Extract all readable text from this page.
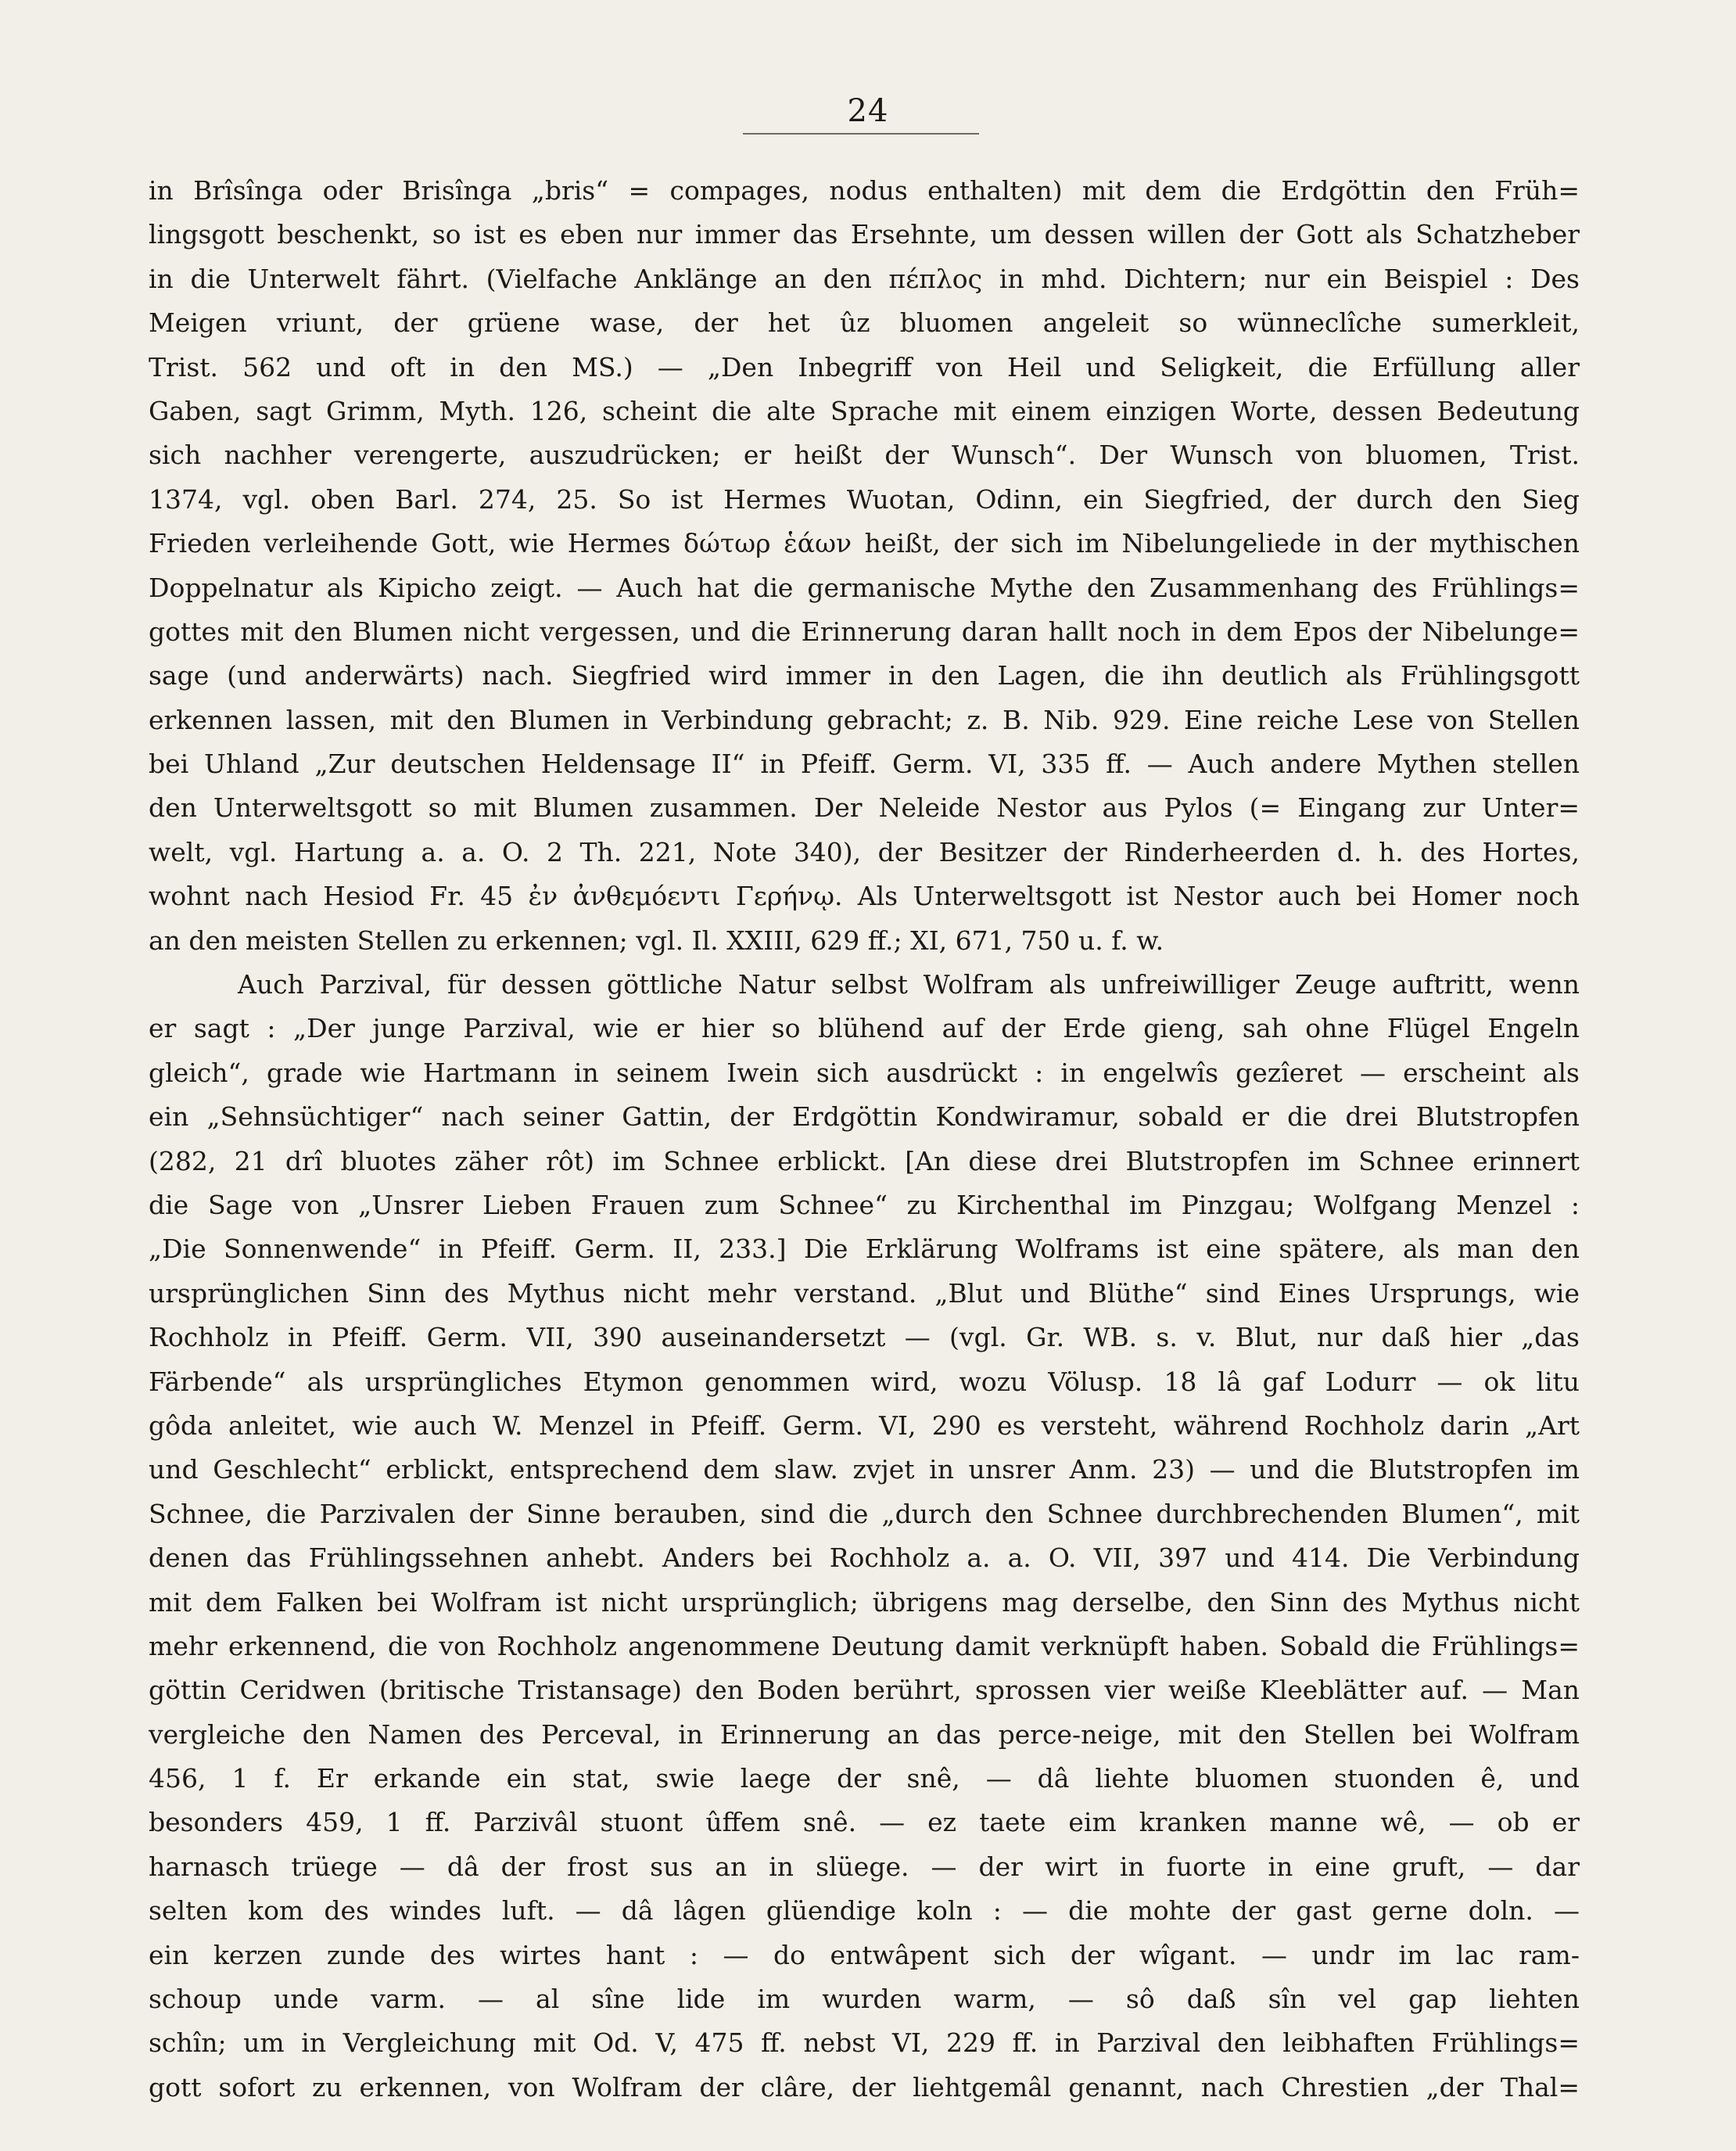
24
in Brîsînga oder Brisînga „bris“ = compages, nodus enthalten) mit dem die Erdgöttin den Früh=
lingsgott beschenkt, so ist es eben nur immer das Ersehnte, um dessen willen der Gott als Schatzheber
in die Unterwelt fährt. (Vielfache Anklänge an den πέπλος in mhd. Dichtern; nur ein Beispiel : Des
Meigen vriunt, der grüene wase, der het ûz bluomen angeleit so wünneclîche sumerkleit,
Trist. 562 und oft in den MS.) — „Den Inbegriff von Heil und Seligkeit, die Erfüllung aller
Gaben, sagt Grimm, Myth. 126, scheint die alte Sprache mit einem einzigen Worte, dessen Bedeutung
sich nachher verengerte, auszudrücken; er heißt der Wunsch“. Der Wunsch von bluomen, Trist.
1374, vgl. oben Barl. 274, 25. So ist Hermes Wuotan, Odinn, ein Siegfried, der durch den Sieg
Frieden verleihende Gott, wie Hermes δώτωρ ἑάων heißt, der sich im Nibelungeliede in der mythischen
Doppelnatur als Kipicho zeigt. — Auch hat die germanische Mythe den Zusammenhang des Frühlings=
gottes mit den Blumen nicht vergessen, und die Erinnerung daran hallt noch in dem Epos der Nibelunge=
sage (und anderwärts) nach. Siegfried wird immer in den Lagen, die ihn deutlich als Frühlingsgott
erkennen lassen, mit den Blumen in Verbindung gebracht; z. B. Nib. 929. Eine reiche Lese von Stellen
bei Uhland „Zur deutschen Heldensage II“ in Pfeiff. Germ. VI, 335 ff. — Auch andere Mythen stellen
den Unterweltsgott so mit Blumen zusammen. Der Neleide Nestor aus Pylos (= Eingang zur Unter=
welt, vgl. Hartung a. a. O. 2 Th. 221, Note 340), der Besitzer der Rinderheerden d. h. des Hortes,
wohnt nach Hesiod Fr. 45 ἐν ἀνθεμόεντι Γερήνῳ. Als Unterweltsgott ist Nestor auch bei Homer noch
an den meisten Stellen zu erkennen; vgl. Il. XXIII, 629 ff.; XI, 671, 750 u. f. w.
Auch Parzival, für dessen göttliche Natur selbst Wolfram als unfreiwilliger Zeuge auftritt, wenn
er sagt : „Der junge Parzival, wie er hier so blühend auf der Erde gieng, sah ohne Flügel Engeln
gleich“, grade wie Hartmann in seinem Iwein sich ausdrückt : in engelwîs gezîeret — erscheint als
ein „Sehnsüchtiger“ nach seiner Gattin, der Erdgöttin Kondwiramur, sobald er die drei Blutstropfen
(282, 21 drî bluotes zäher rôt) im Schnee erblickt. [An diese drei Blutstropfen im Schnee erinnert
die Sage von „Unsrer Lieben Frauen zum Schnee“ zu Kirchenthal im Pinzgau; Wolfgang Menzel :
„Die Sonnenwende“ in Pfeiff. Germ. II, 233.] Die Erklärung Wolframs ist eine spätere, als man den
ursprünglichen Sinn des Mythus nicht mehr verstand. „Blut und Blüthe“ sind Eines Ursprungs, wie
Rochholz in Pfeiff. Germ. VII, 390 auseinandersetzt — (vgl. Gr. WB. s. v. Blut, nur daß hier „das
Färbende“ als ursprüngliches Etymon genommen wird, wozu Völusp. 18 lâ gaf Lodurr — ok litu
gôda anleitet, wie auch W. Menzel in Pfeiff. Germ. VI, 290 es versteht, während Rochholz darin „Art
und Geschlecht“ erblickt, entsprechend dem slaw. zvjet in unsrer Anm. 23) — und die Blutstropfen im
Schnee, die Parzivalen der Sinne berauben, sind die „durch den Schnee durchbrechenden Blumen“, mit
denen das Frühlingssehnen anhebt. Anders bei Rochholz a. a. O. VII, 397 und 414. Die Verbindung
mit dem Falken bei Wolfram ist nicht ursprünglich; übrigens mag derselbe, den Sinn des Mythus nicht
mehr erkennend, die von Rochholz angenommene Deutung damit verknüpft haben. Sobald die Frühlings=
göttin Ceridwen (britische Tristansage) den Boden berührt, sprossen vier weiße Kleeblätter auf. — Man
vergleiche den Namen des Perceval, in Erinnerung an das perce-neige, mit den Stellen bei Wolfram
456, 1 f. Er erkande ein stat, swie laege der snê, — dâ liehte bluomen stuonden ê, und
besonders 459, 1 ff. Parzivâl stuont ûffem snê. — ez taete eim kranken manne wê, — ob er
harnasch trüege — dâ der frost sus an in slüege. — der wirt in fuorte in eine gruft, — dar
selten kom des windes luft. — dâ lâgen glüendige koln : — die mohte der gast gerne doln. —
ein kerzen zunde des wirtes hant : — do entwâpent sich der wîgant. — undr im lac ram-
schoup unde varm. — al sîne lide im wurden warm, — sô daß sîn vel gap liehten
schîn; um in Vergleichung mit Od. V, 475 ff. nebst VI, 229 ff. in Parzival den leibhaften Frühlings=
gott sofort zu erkennen, von Wolfram der clâre, der liehtgemâl genannt, nach Chrestien „der Thal=
